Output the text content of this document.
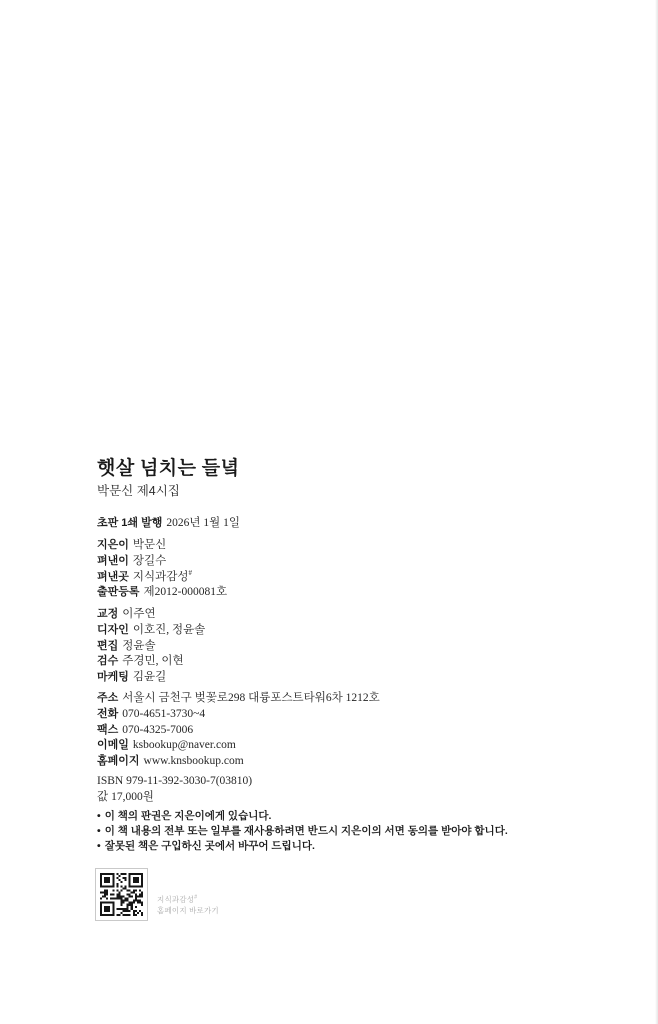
햇살 넘치는 들녘
박문신 제4시집
초판 1쇄 발행 2026년 1월 1일
지은이 박문신
펴낸이 장길수
펴낸곳 지식과감성#
출판등록 제2012-000081호
교정 이주연
디자인 이호진, 정윤솔
편집 정윤솔
검수 주경민, 이현
마케팅 김윤길
주소 서울시 금천구 벚꽃로298 대륭포스트타워6차 1212호
전화 070-4651-3730~4
팩스 070-4325-7006
이메일 ksbookup@naver.com
홈페이지 www.knsbookup.com
ISBN 979-11-392-3030-7(03810)
값 17,000원
• 이 책의 판권은 지은이에게 있습니다.
• 이 책 내용의 전부 또는 일부를 재사용하려면 반드시 지은이의 서면 동의를 받아야 합니다.
• 잘못된 책은 구입하신 곳에서 바꾸어 드립니다.
지식과감성#
홈페이지 바로가기
